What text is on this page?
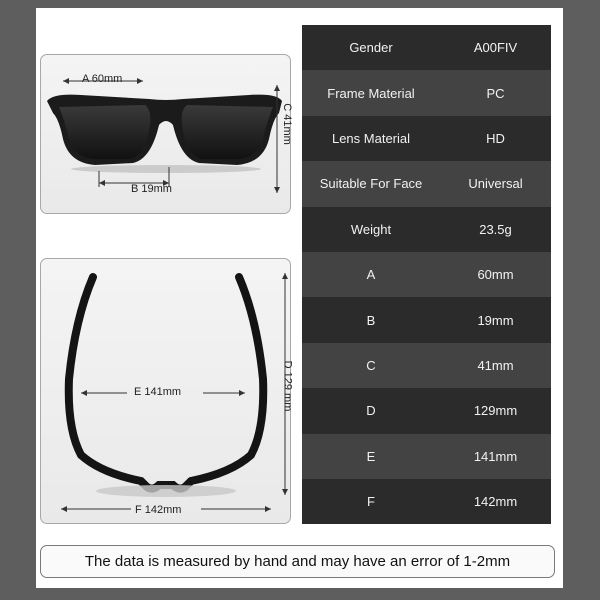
A 60mm
B 19mm
C 41mm
D 129 mm
E 141mm
F 142mm
Gender	A00FIV
Frame Material	PC
Lens Material	HD
Suitable For Face	Universal
Weight	23.5g
A	60mm
B	19mm
C	41mm
D	129mm
E	141mm
F	142mm
The data is measured by hand and may have an error of 1-2mm
